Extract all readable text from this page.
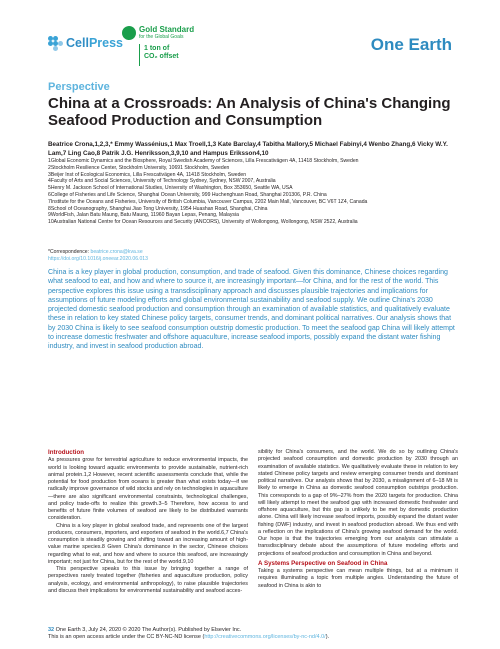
CellPress
Gold Standard
for the Global Goals
1 ton of
CO₂ offset
One Earth
Perspective
China at a Crossroads: An Analysis of China's Changing Seafood Production and Consumption
Beatrice Crona,1,2,3,* Emmy Wassénius,1 Max Troell,1,3 Kate Barclay,4 Tabitha Mallory,5 Michael Fabinyi,4 Wenbo Zhang,6 Vicky W.Y. Lam,7 Ling Cao,8 Patrik J.G. Henriksson,3,9,10 and Hampus Eriksson4,10
1Global Economic Dynamics and the Biosphere, Royal Swedish Academy of Sciences, Lilla Frescativägen 4A, 11418 Stockholm, Sweden
2Stockholm Resilience Center, Stockholm University, 10691 Stockholm, Sweden
3Beijer Inst of Ecological Economics, Lilla Frescativägen 4A, 11418 Stockholm, Sweden
4Faculty of Arts and Social Sciences, University of Technology Sydney, Sydney, NSW 2007, Australia
5Henry M. Jackson School of International Studies, University of Washington, Box 353650, Seattle WA, USA
6College of Fisheries and Life Science, Shanghai Ocean University, 999 Huchenghuan Road, Shanghai 201306, P.R. China
7Institute for the Oceans and Fisheries, University of British Columbia, Vancouver Campus, 2202 Main Mall, Vancouver, BC V6T 1Z4, Canada
8School of Oceanography, Shanghai Jiao Tong University, 1954 Huashan Road, Shanghai, China
9WorldFish, Jalan Batu Maung, Batu Maung, 11960 Bayan Lepas, Penang, Malaysia
10Australian National Centre for Ocean Resources and Security (ANCORS), University of Wollongong, Wollongong, NSW 2522, Australia
*Correspondence: beatrice.crona@kva.se
https://doi.org/10.1016/j.oneear.2020.06.013
China is a key player in global production, consumption, and trade of seafood. Given this dominance, Chinese choices regarding what seafood to eat, and how and where to source it, are increasingly important—for China, and for the rest of the world. This perspective explores this issue using a transdisciplinary approach and discusses plausible trajectories and implications for assumptions of future modeling efforts and global environmental sustainability and seafood supply. We outline China's 2030 projected domestic seafood production and consumption through an examination of available statistics, and qualitatively evaluate these in relation to key stated Chinese policy targets, consumer trends, and dominant political narratives. Our analysis shows that by 2030 China is likely to see seafood consumption outstrip domestic production. To meet the seafood gap China will likely attempt to increase domestic freshwater and offshore aquaculture, increase seafood imports, possibly expand the distant water fishing industry, and invest in seafood production abroad.
Introduction

As pressures grow for terrestrial agriculture to reduce environmental impacts, the world is looking toward aquatic environments to provide sustainable, nutrient-rich animal protein.1,2 However, recent scientific assessments conclude that, while the potential for food production from oceans is greater than what exists today—if we radically improve governance of wild stocks and rely on technologies in aquaculture—there are also significant environmental constraints, technological challenges, and policy trade-offs to realize this growth.3–5 Therefore, how access to and benefits of future finite volumes of seafood are likely to be distributed warrants consideration.

China is a key player in global seafood trade, and represents one of the largest producers, consumers, importers, and exporters of seafood in the world.6,7 China's consumption is steadily growing and shifting toward an increasing amount of high-value marine species.8 Given China's dominance in the sector, Chinese choices regarding what to eat, and how and where to source this seafood, are increasingly important; not just for China, but for the rest of the world.9,10

This perspective speaks to this issue by bringing together a range of perspectives rarely treated together (fisheries and aquaculture production, policy analysis, ecology, and environmental anthropology), to raise plausible trajectories and discuss their implications for environmental sustainability and seafood acces-

sibility for China's consumers, and the world. We do so by outlining China's projected seafood consumption and domestic production by 2030 through an examination of available statistics. We qualitatively evaluate these in relation to key stated Chinese policy targets and review emerging consumer trends and dominant political narratives. Our analysis shows that by 2030, a misalignment of 6–18 Mt is likely to emerge in China as domestic seafood consumption outstrips production. This corresponds to a gap of 9%–27% from the 2020 targets for production. China will likely attempt to meet the seafood gap with increased domestic freshwater and offshore aquaculture, but this gap is unlikely to be met by domestic production alone. China will likely increase seafood imports, possibly expand the distant water fishing (DWF) industry, and invest in seafood production abroad. We thus end with a reflection on the implications of China's growing seafood demand for the world. Our hope is that the trajectories emerging from our analysis can stimulate a transdisciplinary debate about the assumptions of future modeling efforts and projections of seafood production and consumption in China and beyond.

A Systems Perspective on Seafood in China

Taking a systems perspective can mean multiple things, but at a minimum it requires illuminating a topic from multiple angles. Understanding the future of seafood in China is akin to

32 One Earth 3, July 24, 2020 © 2020 The Author(s). Published by Elsevier Inc.
This is an open access article under the CC BY-NC-ND license (http://creativecommons.org/licenses/by-nc-nd/4.0/).
